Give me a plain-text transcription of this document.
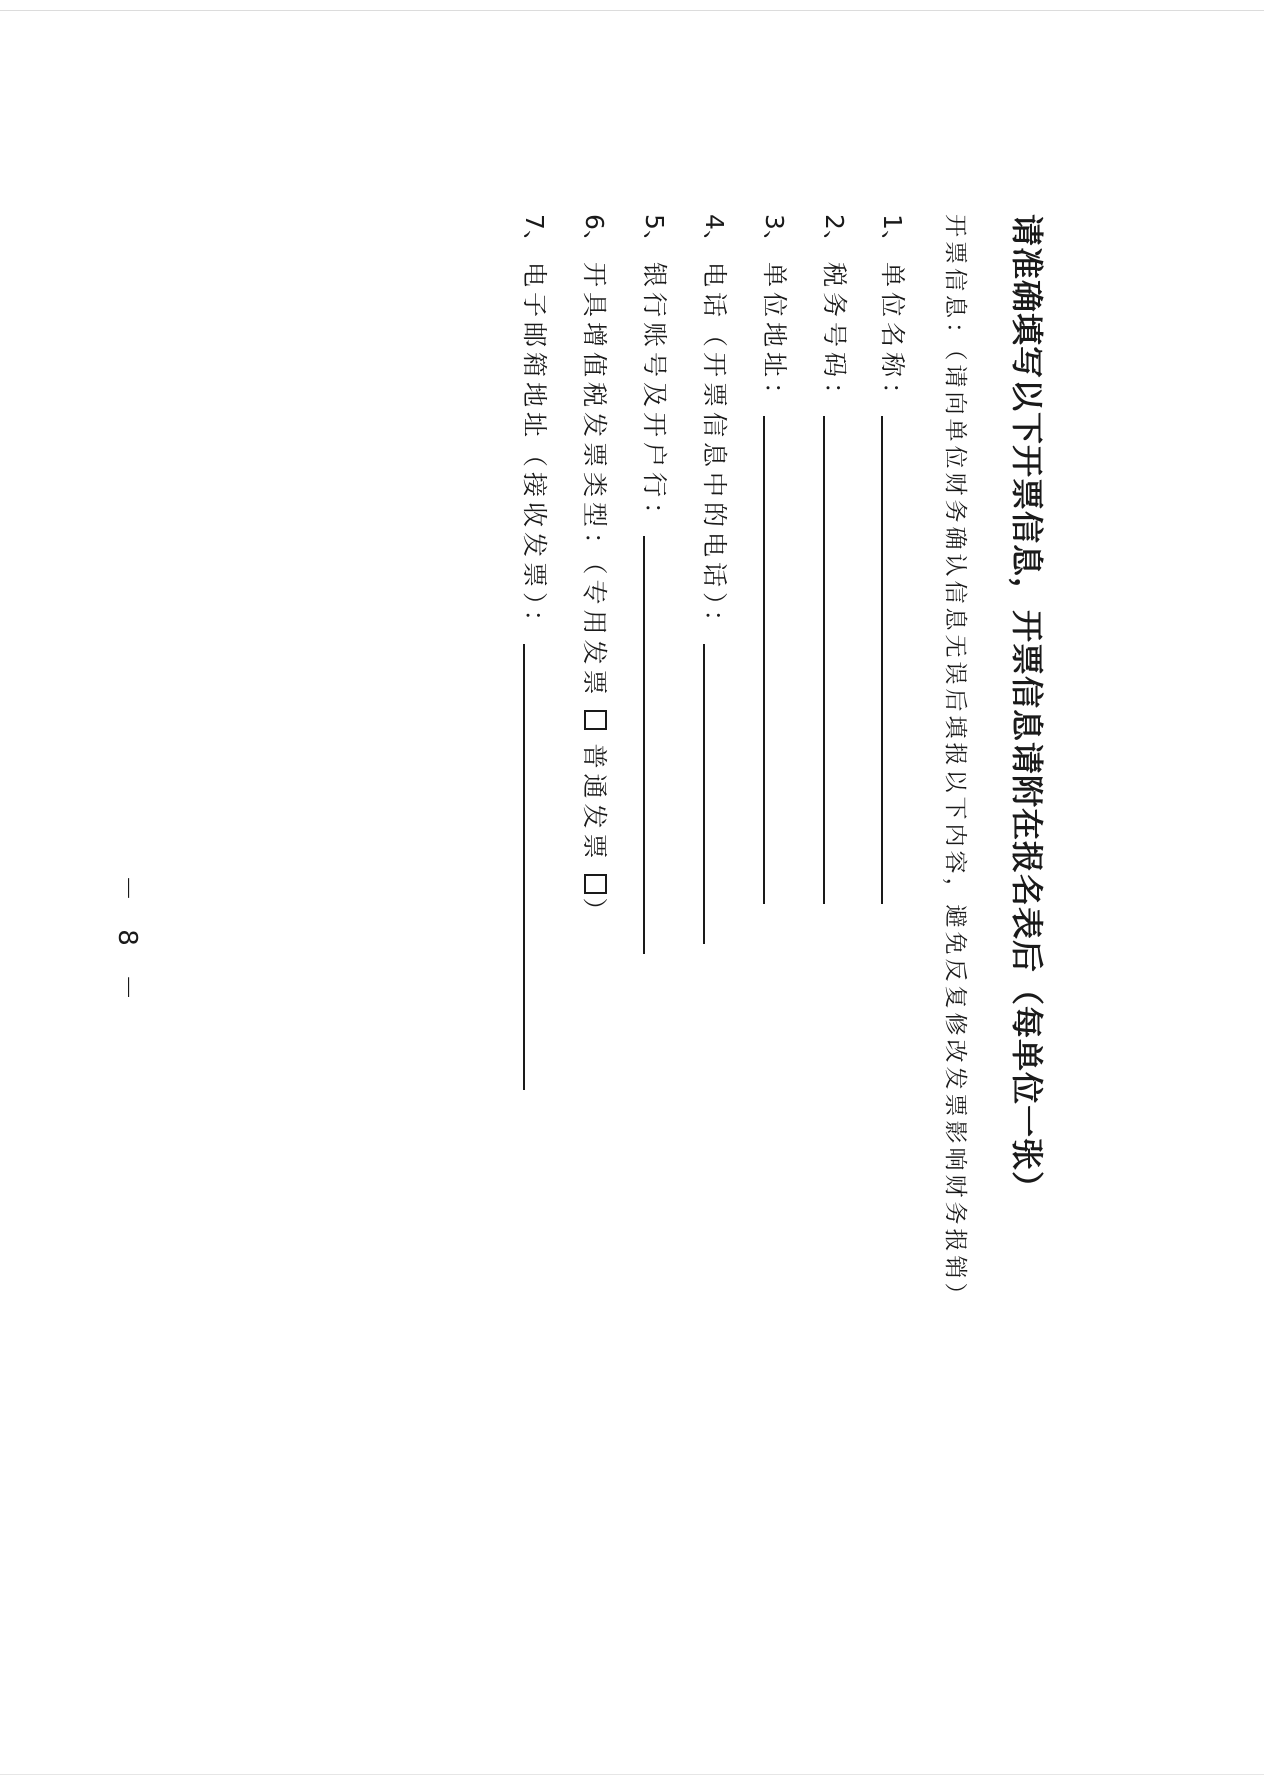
请准确填写以下开票信息，开票信息请附在报名表后（每单位一张）
开票信息：（请向单位财务确认信息无误后填报以下内容，避免反复修改发票影响财务报销）
1、
单位名称：
2、
税务号码：
3、
单位地址：
4、
电话（开票信息中的电话）：
5、
银行账号及开户行：
6、
开具增值税发票类型：（专用发票
普通发票
）
7、
电子邮箱地址（接收发票）：
－ 8 －
